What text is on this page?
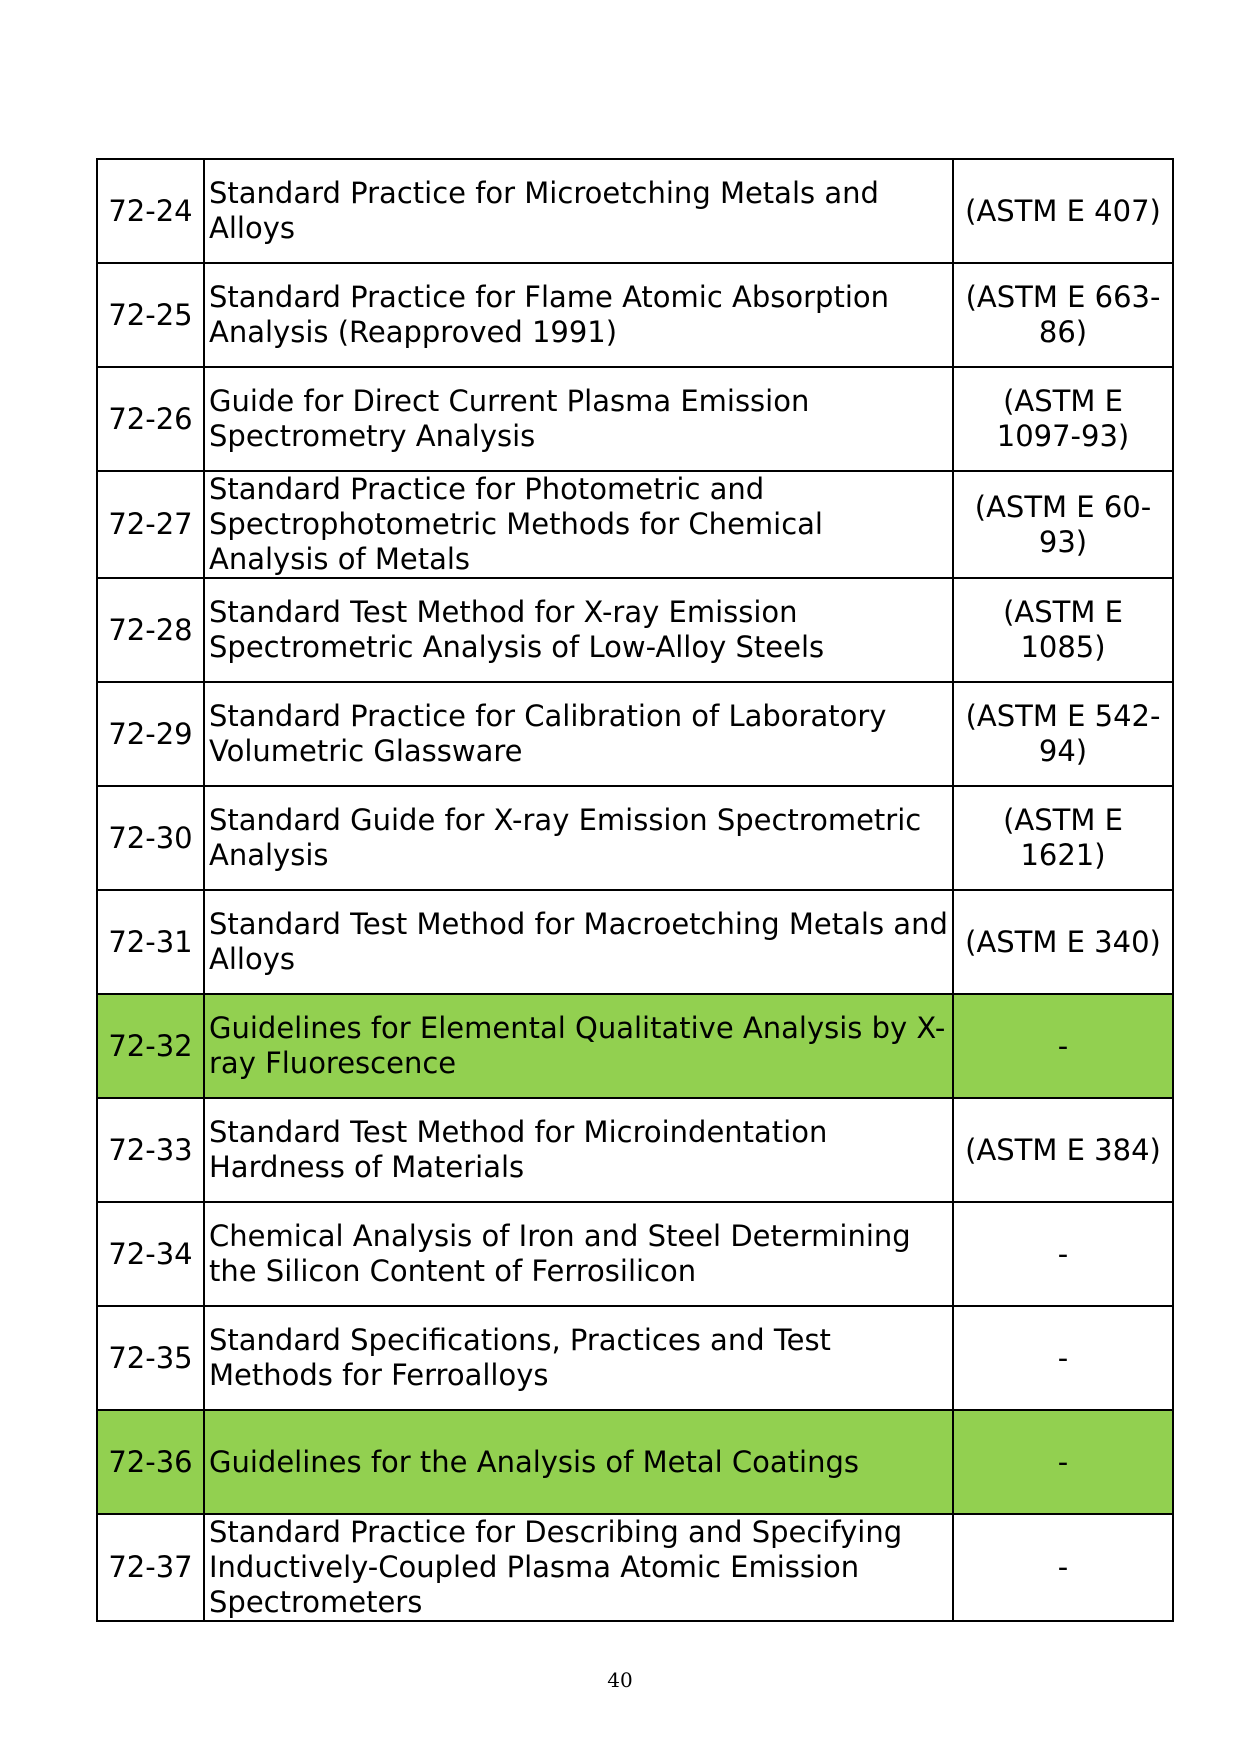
72-24	Standard Practice for Microetching Metals and Alloys	(ASTM E 407)
72-25	Standard Practice for Flame Atomic Absorption Analysis (Reapproved 1991)	(ASTM E 663-86)
72-26	Guide for Direct Current Plasma Emission Spectrometry Analysis	(ASTM E 1097-93)
72-27	Standard Practice for Photometric and Spectrophotometric Methods for Chemical Analysis of Metals	(ASTM E 60-93)
72-28	Standard Test Method for X-ray Emission Spectrometric Analysis of Low-Alloy Steels	(ASTM E 1085)
72-29	Standard Practice for Calibration of Laboratory Volumetric Glassware	(ASTM E 542-94)
72-30	Standard Guide for X-ray Emission Spectrometric Analysis	(ASTM E 1621)
72-31	Standard Test Method for Macroetching Metals and Alloys	(ASTM E 340)
72-32	Guidelines for Elemental Qualitative Analysis by X-ray Fluorescence	-
72-33	Standard Test Method for Microindentation Hardness of Materials	(ASTM E 384)
72-34	Chemical Analysis of Iron and Steel Determining the Silicon Content of Ferrosilicon	-
72-35	Standard Specifications, Practices and Test Methods for Ferroalloys	-
72-36	Guidelines for the Analysis of Metal Coatings	-
72-37	Standard Practice for Describing and Specifying Inductively-Coupled Plasma Atomic Emission Spectrometers	-
40
